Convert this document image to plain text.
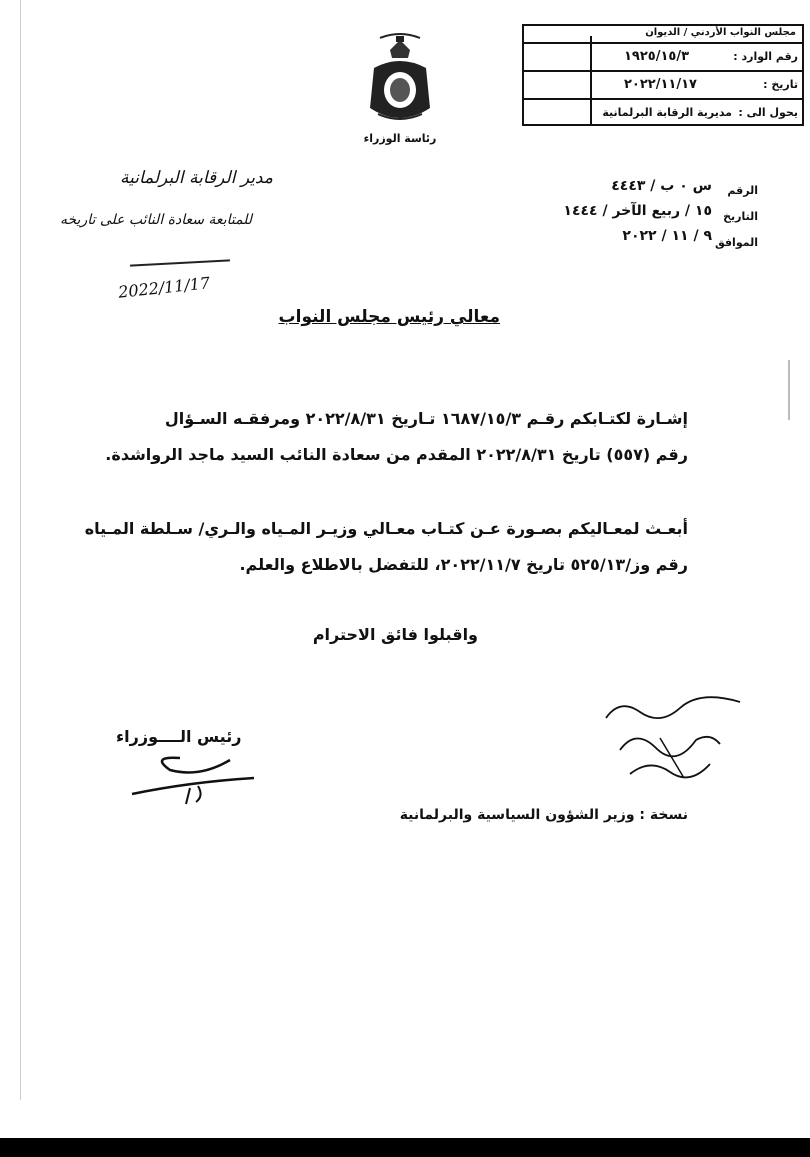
مجلس النواب الأردني / الديوان
رقم الوارد :
١٩٢٥/١٥/٣
تاريخ :
٢٠٢٢/١١/١٧
يحول الى :
مديرية الرقابة البرلمانية
رئاسة الوزراء
الرقم
س ٠ ب / ٤٤٤٣
التاريخ
١٥ / ربيع الآخر / ١٤٤٤
الموافق
٩ / ١١ / ٢٠٢٢
مدير الرقابة البرلمانية
للمتابعة سعادة النائب على تاريخه
2022/11/17
معالي رئيس مجلس النواب
إشـارة لكتـابكم رقـم ١٦٨٧/١٥/٣ تـاريخ ٢٠٢٢/٨/٣١ ومرفقـه السـؤال
رقم (٥٥٧) تاريخ ٢٠٢٢/٨/٣١ المقدم من سعادة النائب السيد ماجد الرواشدة.
أبعـث لمعـاليكم بصـورة عـن كتـاب معـالي وزيـر المـياه والـري/ سـلطة المـياه
رقم وز/٥٢٥/١٣ تاريخ ٢٠٢٢/١١/٧، للتفضل بالاطلاع والعلم.
واقبلوا فائق الاحترام
رئيس الــــوزراء
نسخة : وزير الشؤون السياسية والبرلمانية
